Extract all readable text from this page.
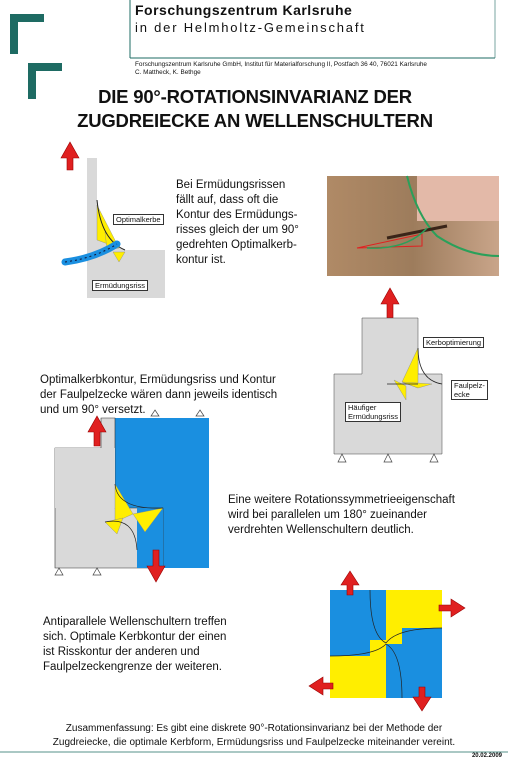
Forschungszentrum Karlsruhe
in der Helmholtz-Gemeinschaft
Forschungszentrum Karlsruhe GmbH, Institut für Materialforschung II, Postfach 36 40, 76021 Karlsruhe
C. Mattheck, K. Bethge
DIE 90°-ROTATIONSINVARIANZ DER
ZUGDREIECKE AN WELLENSCHULTERN
Optimalkerbe
Ermüdungsriss
Bei Ermüdungsrissen
fällt auf, dass oft die
Kontur des Ermüdungs-
risses gleich der um 90°
gedrehten Optimalkerb-
kontur ist.
Kerboptimierung
Faulpelz-
ecke
Häufiger
Ermüdungsriss
Optimalkerbkontur, Ermüdungsriss und Kontur
der Faulpelzecke wären dann jeweils identisch
und um 90° versetzt.
Eine weitere Rotationssymmetrieeigenschaft
wird bei parallelen um 180° zueinander
verdrehten Wellenschultern deutlich.
Antiparallele Wellenschultern treffen
sich. Optimale Kerbkontur der einen
ist Risskontur der anderen und
Faulpelzeckengrenze der weiteren.
Zusammenfassung: Es gibt eine diskrete 90°-Rotationsinvarianz bei der Methode der
Zugdreiecke, die optimale Kerbform, Ermüdungsriss und Faulpelzecke miteinander vereint.
20.02.2009
